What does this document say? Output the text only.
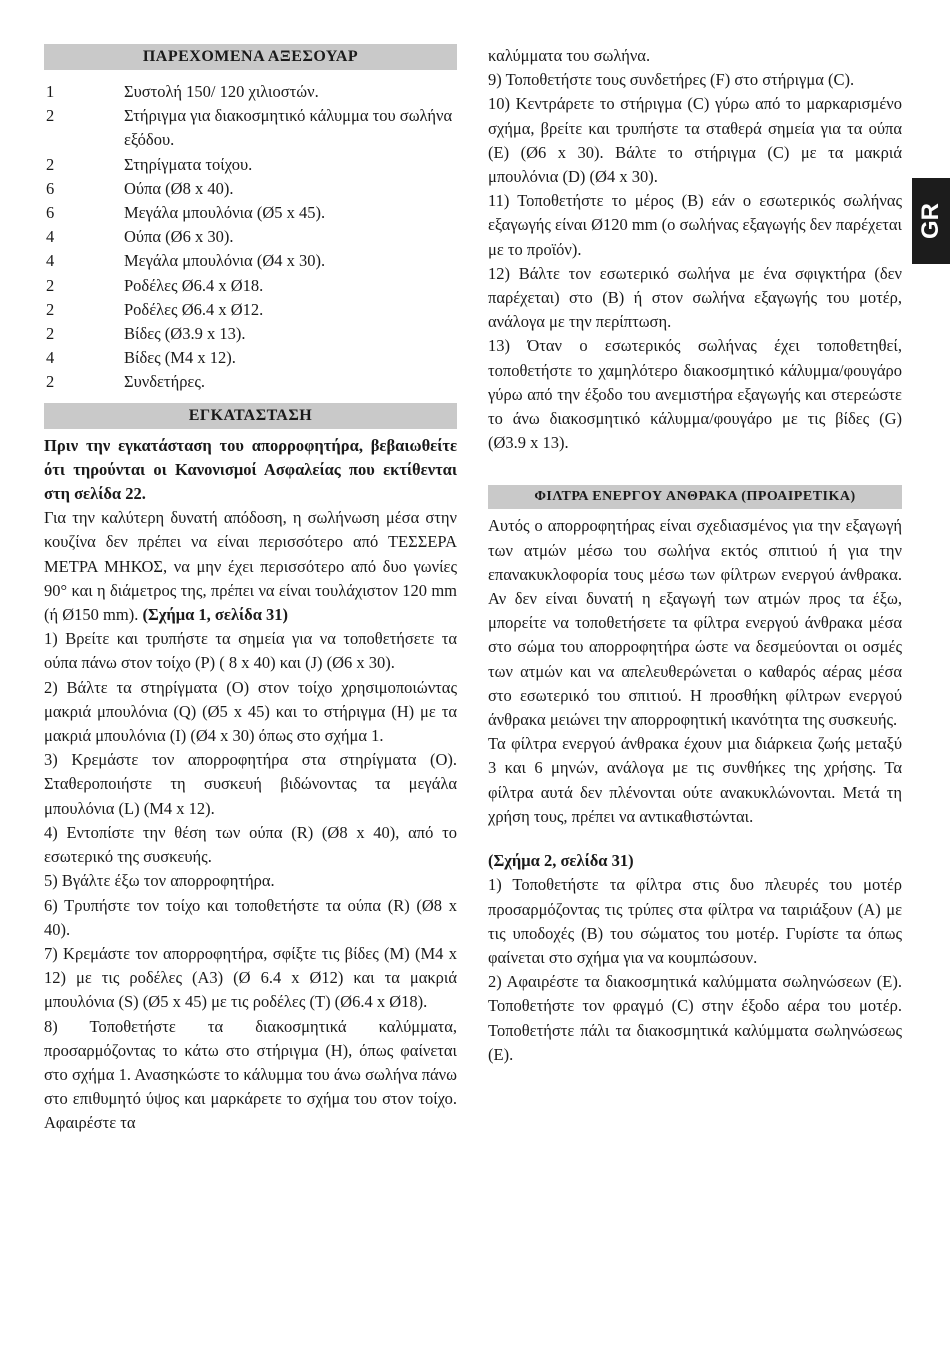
GR
ΠΑΡΕΧΟΜΕΝΑ ΑΞΕΣΟΥΑΡ
1	Συστολή 150/ 120 χιλιοστών.
2	Στήριγμα για διακοσμητικό κάλυμμα του σωλήνα εξόδου.
2	Στηρίγματα τοίχου.
6	Ούπα (Ø8 x 40).
6	Μεγάλα μπουλόνια (Ø5 x 45).
4	Ούπα (Ø6 x 30).
4	Μεγάλα μπουλόνια (Ø4 x 30).
2	Ροδέλες Ø6.4 x Ø18.
2	Ροδέλες Ø6.4 x Ø12.
2	Βίδες (Ø3.9 x 13).
4	Βίδες (M4 x 12).
2	Συνδετήρες.
ΕΓΚΑΤΑΣΤΑΣΗ

Πριν την εγκατάσταση του απορροφητήρα, βεβαιωθείτε ότι τηρούνται οι Κανονισμοί Ασφαλείας που εκτίθενται στη σελίδα 22.

Για την καλύτερη δυνατή απόδοση, η σωλήνωση μέσα στην κουζίνα δεν πρέπει να είναι περισσότερο από ΤΕΣΣΕΡΑ ΜΕΤΡΑ ΜΗΚΟΣ, να μην έχει περισσότερο από δυο γωνίες 90° και η διάμετρος της, πρέπει να είναι τουλάχιστον 120 mm (ή Ø150 mm). (Σχήμα 1, σελίδα 31)

1) Βρείτε και τρυπήστε τα σημεία για να τοποθετήσετε τα ούπα πάνω στον τοίχο (P) ( 8 x 40) και (J) (Ø6 x 30).

2) Βάλτε τα στηρίγματα (O) στον τοίχο χρησιμοποιώντας μακριά μπουλόνια (Q) (Ø5 x 45) και το στήριγμα (H) με τα μακριά μπουλόνια (I) (Ø4 x 30) όπως στο σχήμα 1.

3) Κρεμάστε τον απορροφητήρα στα στηρίγματα (O). Σταθεροποιήστε τη συσκευή βιδώνοντας τα μεγάλα μπουλόνια (L) (M4 x 12).

4) Εντοπίστε την θέση των ούπα (R) (Ø8 x 40), από το εσωτερικό της συσκευής.

5) Βγάλτε έξω τον απορροφητήρα.

6) Τρυπήστε τον τοίχο και τοποθετήστε τα ούπα (R) (Ø8 x 40).

7) Κρεμάστε τον απορροφητήρα, σφίξτε τις βίδες (M) (M4 x 12) με τις ροδέλες (A3) (Ø 6.4 x Ø12) και τα μακριά μπουλόνια (S) (Ø5 x 45) με τις ροδέλες (T) (Ø6.4 x Ø18).

8) Τοποθετήστε τα διακοσμητικά καλύμματα, προσαρμόζοντας το κάτω στο στήριγμα (H), όπως φαίνεται στο σχήμα 1. Ανασηκώστε το κάλυμμα του άνω σωλήνα πάνω στο επιθυμητό ύψος και μαρκάρετε το σχήμα του στον τοίχο. Αφαιρέστε τα

καλύμματα του σωλήνα.

9) Τοποθετήστε τους συνδετήρες (F) στο στήριγμα (C).

10) Κεντράρετε το στήριγμα (C) γύρω από το μαρκαρισμένο σχήμα, βρείτε και τρυπήστε τα σταθερά σημεία για τα ούπα (E) (Ø6 x 30). Βάλτε το στήριγμα (C) με τα μακριά μπουλόνια (D) (Ø4 x 30).

11) Τοποθετήστε το μέρος (B) εάν ο εσωτερικός σωλήνας εξαγωγής είναι Ø120 mm (ο σωλήνας εξαγωγής δεν παρέχεται με το προϊόν).

12) Βάλτε τον εσωτερικό σωλήνα με ένα σφιγκτήρα (δεν παρέχεται) στο (B) ή στον σωλήνα εξαγωγής του μοτέρ, ανάλογα με την περίπτωση.

13) Όταν ο εσωτερικός σωλήνας έχει τοποθετηθεί, τοποθετήστε το χαμηλότερο διακοσμητικό κάλυμμα/φουγάρο γύρω από την έξοδο του ανεμιστήρα εξαγωγής και στερεώστε το άνω διακοσμητικό κάλυμμα/φουγάρο με τις βίδες (G) (Ø3.9 x 13).

ΦΙΛΤΡΑ ΕΝΕΡΓΟΥ ΑΝΘΡΑΚΑ (ΠΡΟΑΙΡΕΤΙΚΑ)

Αυτός ο απορροφητήρας είναι σχεδιασμένος για την εξαγωγή των ατμών μέσω του σωλήνα εκτός σπιτιού ή για την επανακυκλοφορία τους μέσω των φίλτρων ενεργού άνθρακα. Αν δεν είναι δυνατή η εξαγωγή των ατμών προς τα έξω, μπορείτε να τοποθετήσετε τα φίλτρα ενεργού άνθρακα μέσα στο σώμα του απορροφητήρα ώστε να δεσμεύονται οι οσμές των ατμών και να απελευθερώνεται ο καθαρός αέρας μέσα στο εσωτερικό του σπιτιού. Η προσθήκη φίλτρων ενεργού άνθρακα μειώνει την απορροφητική ικανότητα της συσκευής.

Τα φίλτρα ενεργού άνθρακα έχουν μια διάρκεια ζωής μεταξύ 3 και 6 μηνών, ανάλογα με τις συνθήκες της χρήσης. Τα φίλτρα αυτά δεν πλένονται ούτε ανακυκλώνονται. Μετά τη χρήση τους, πρέπει να αντικαθιστώνται.

(Σχήμα 2, σελίδα 31)

1) Τοποθετήστε τα φίλτρα στις δυο πλευρές του μοτέρ προσαρμόζοντας τις τρύπες στα φίλτρα να ταιριάξουν (A) με τις υποδοχές (B) του σώματος του μοτέρ. Γυρίστε τα όπως φαίνεται στο σχήμα για να κουμπώσουν.

2) Αφαιρέστε τα διακοσμητικά καλύμματα σωληνώσεων (E). Τοποθετήστε τον φραγμό (C) στην έξοδο αέρα του μοτέρ. Τοποθετήστε πάλι τα διακοσμητικά καλύμματα σωληνώσεως (E).
